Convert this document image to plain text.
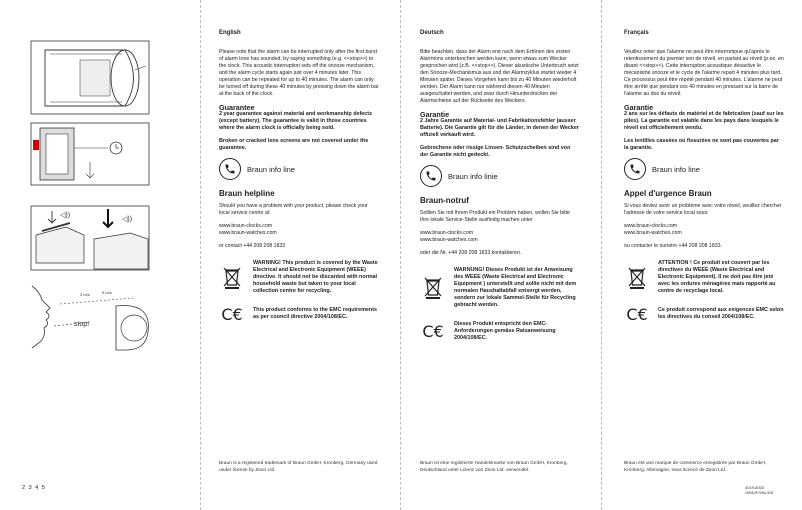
◁))
◁))
stop!
3 m/s	5 m/s
2 3 4 5
English

Please note that the alarm can be interrupted only after the first burst of alarm tone has sounded, by saying something (e.g. <<stop>>) to the clock. This acoustic interruption sets off the snooze mechanism, and the alarm cycle starts again just over 4 minutes later. This operation can be repeated for up to 40 minutes. The alarm can only be turned off during these 40 minutes by pressing down the alarm bar at the back of the clock.

Guarantee

2 year guarantee against material and workmanship defects (except battery). The guarantee is valid in those countries where the alarm clock is officially being sold.

Broken or cracked lens screens are not covered under the guarantee.

Braun info line
Braun helpline

Should you have a problem with your product, please check your local service centre at:

www.braun-clocks.com

www.braun-watches.com

or contact +44 208 208 1833

WARNING! This product is covered by the Waste Electrical and Electronic Equipment (WEEE) directive. It should not be discarded with normal household waste but taken to your local collection centre for recycling.
C€	This product conforms to the EMC requirements as per council directive 2004/108/EC.
Braun is a registered trademark of Braun GmbH, Kronberg, Germany used under license by Zeon Ltd
Deutsch

Bitte beachten, dass der Alarm erst nach dem Ertönen des ersten Alarmtons unterbrochen werden kann, wenn etwas zum Wecker gesprochen wird (z.B. <<stop>>). Dieser akustische Unterbruch setzt den Snooze-Mechanismus aus und der Alarmzyklus startet wieder 4 Minuten später. Dieses Vorgehen kann bis zu 40 Minuten wiederholt werden. Der Alarm kann nur während diesen 40 Minuten ausgeschaltet werden, und zwar durch Hinunterdrücken der Alarmschiene auf der Rückseite des Weckers.

Garantie

2 Jahre Garantie auf Material- und Fabrikationsfehler (ausser Batterie). Die Garantie gilt für die Länder, in denen der Wecker offiziell verkauft wird.

Gebrochene oder rissige Linsen- Schutzscheiben sind von der Garantie nicht gedeckt.

Braun info linie
Braun-notruf

Sollten Sie mit Ihrem Produkt ein Problem haben, wollen Sie bitte Ihre lokale Service-Stelle ausfindig machen unter

www.braun-clocks.com

www.braun-watches.com

oder die Nr. +44 208 208 1833 kontaktieren.

WARNUNG! Dieses Produkt ist der Anweisung des WEEE (Waste Electrical and Electronic Equipment ) unterstellt und sollte nicht mit dem normalen Haushaltabfall entsorgt werden, sondern zur lokale Sammel-Stelle für Recycling gebracht werden.
C€	Dieses Produkt entspricht den EMC-Anforderungen gemäss Ratsanweisung 2004/108/EC.
Braun ist eine registrierte Handelsmarke von Braun GmbH, Kronberg, Deutschland unter Lizenz von Zeon Ltd. verwendet.
Français

Veuillez noter que l'alarme ne peut être interrompue qu'après le retentissement du premier son de réveil, en parlant au réveil (p.ex. en disant <<stop>>). Cette interruption acoustique désactive le mécanisme snooze et le cycle de l'alarme repart 4 minutes plus tard. Ce processus peut être répété pendant 40 minutes. L'alarme ne peut être arrêté que pendant ces 40 minutes en pressant sur la barre de l'alarme au dos du réveil.

Garantie

2 ans sur les défauts de matériel et de fabrication (sauf sur les piles). La garantie est valable dans les pays dans lesquels le réveil est officiellement vendu.

Les lentilles cassées ou fissurées ne sont pas couvertes par la garantie.

Braun info line
Appel d'urgence Braun

Si vous deviez avoir un problème avec votre réveil, veuillez chercher l'adresse de votre service local sous:

www.braun-clocks.com

www.braun-watches.com

ou contacter le numéro +44 208 208 1833.

ATTENTION ! Ce produit est couvert par les directives du WEEE (Waste Electrical and Electronic Equipment). Il ne doit pas être jeté avec les ordures ménagères mais rapporté au centre de recyclage local.
C€	Ce produit correspond aux exigences EMC selon les directives du conseil 2004/108/EC.
Braun est une marque de commerce enregistrée par Braun GmbH, Kronberg, Allemagne, sous licence de Zeon Ltd.
4019-8003
GB/D/F/I/NL/DK
